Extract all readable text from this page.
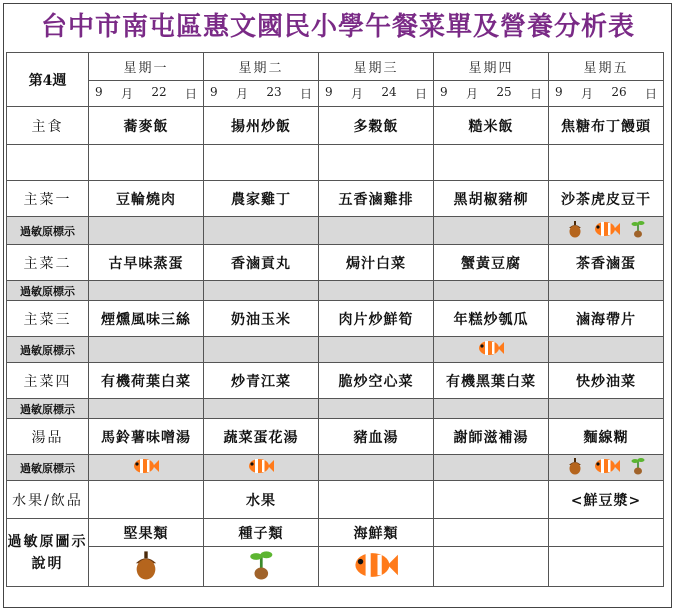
台中市南屯區惠文國民小學午餐菜單及營養分析表
第4週	星期一	星期二	星期三	星期四	星期五

	9 月 22 日	9 月 23 日	9 月 24 日	9 月 25 日	9 月 26 日

主食	蕎麥飯	揚州炒飯	多穀飯	糙米飯	焦糖布丁饅頭

主菜一	豆輪燒肉	農家雞丁	五香滷雞排	黑胡椒豬柳	沙茶虎皮豆干
過敏原標示	

主菜二	古早味蒸蛋	香滷貢丸	焗汁白菜	蟹黃豆腐	茶香滷蛋
過敏原標示	

主菜三	煙燻風味三絲	奶油玉米	肉片炒鮮筍	年糕炒瓠瓜	滷海帶片
過敏原標示	

主菜四	有機荷葉白菜	炒青江菜	脆炒空心菜	有機黑葉白菜	快炒油菜
過敏原標示	

湯品	馬鈴薯味噌湯	蔬菜蛋花湯	豬血湯	謝師滋補湯	麵線糊
過敏原標示	

水果/飲品		水果			<鮮豆漿>
過敏原圖示說明	堅果類	種子類	海鮮類		
